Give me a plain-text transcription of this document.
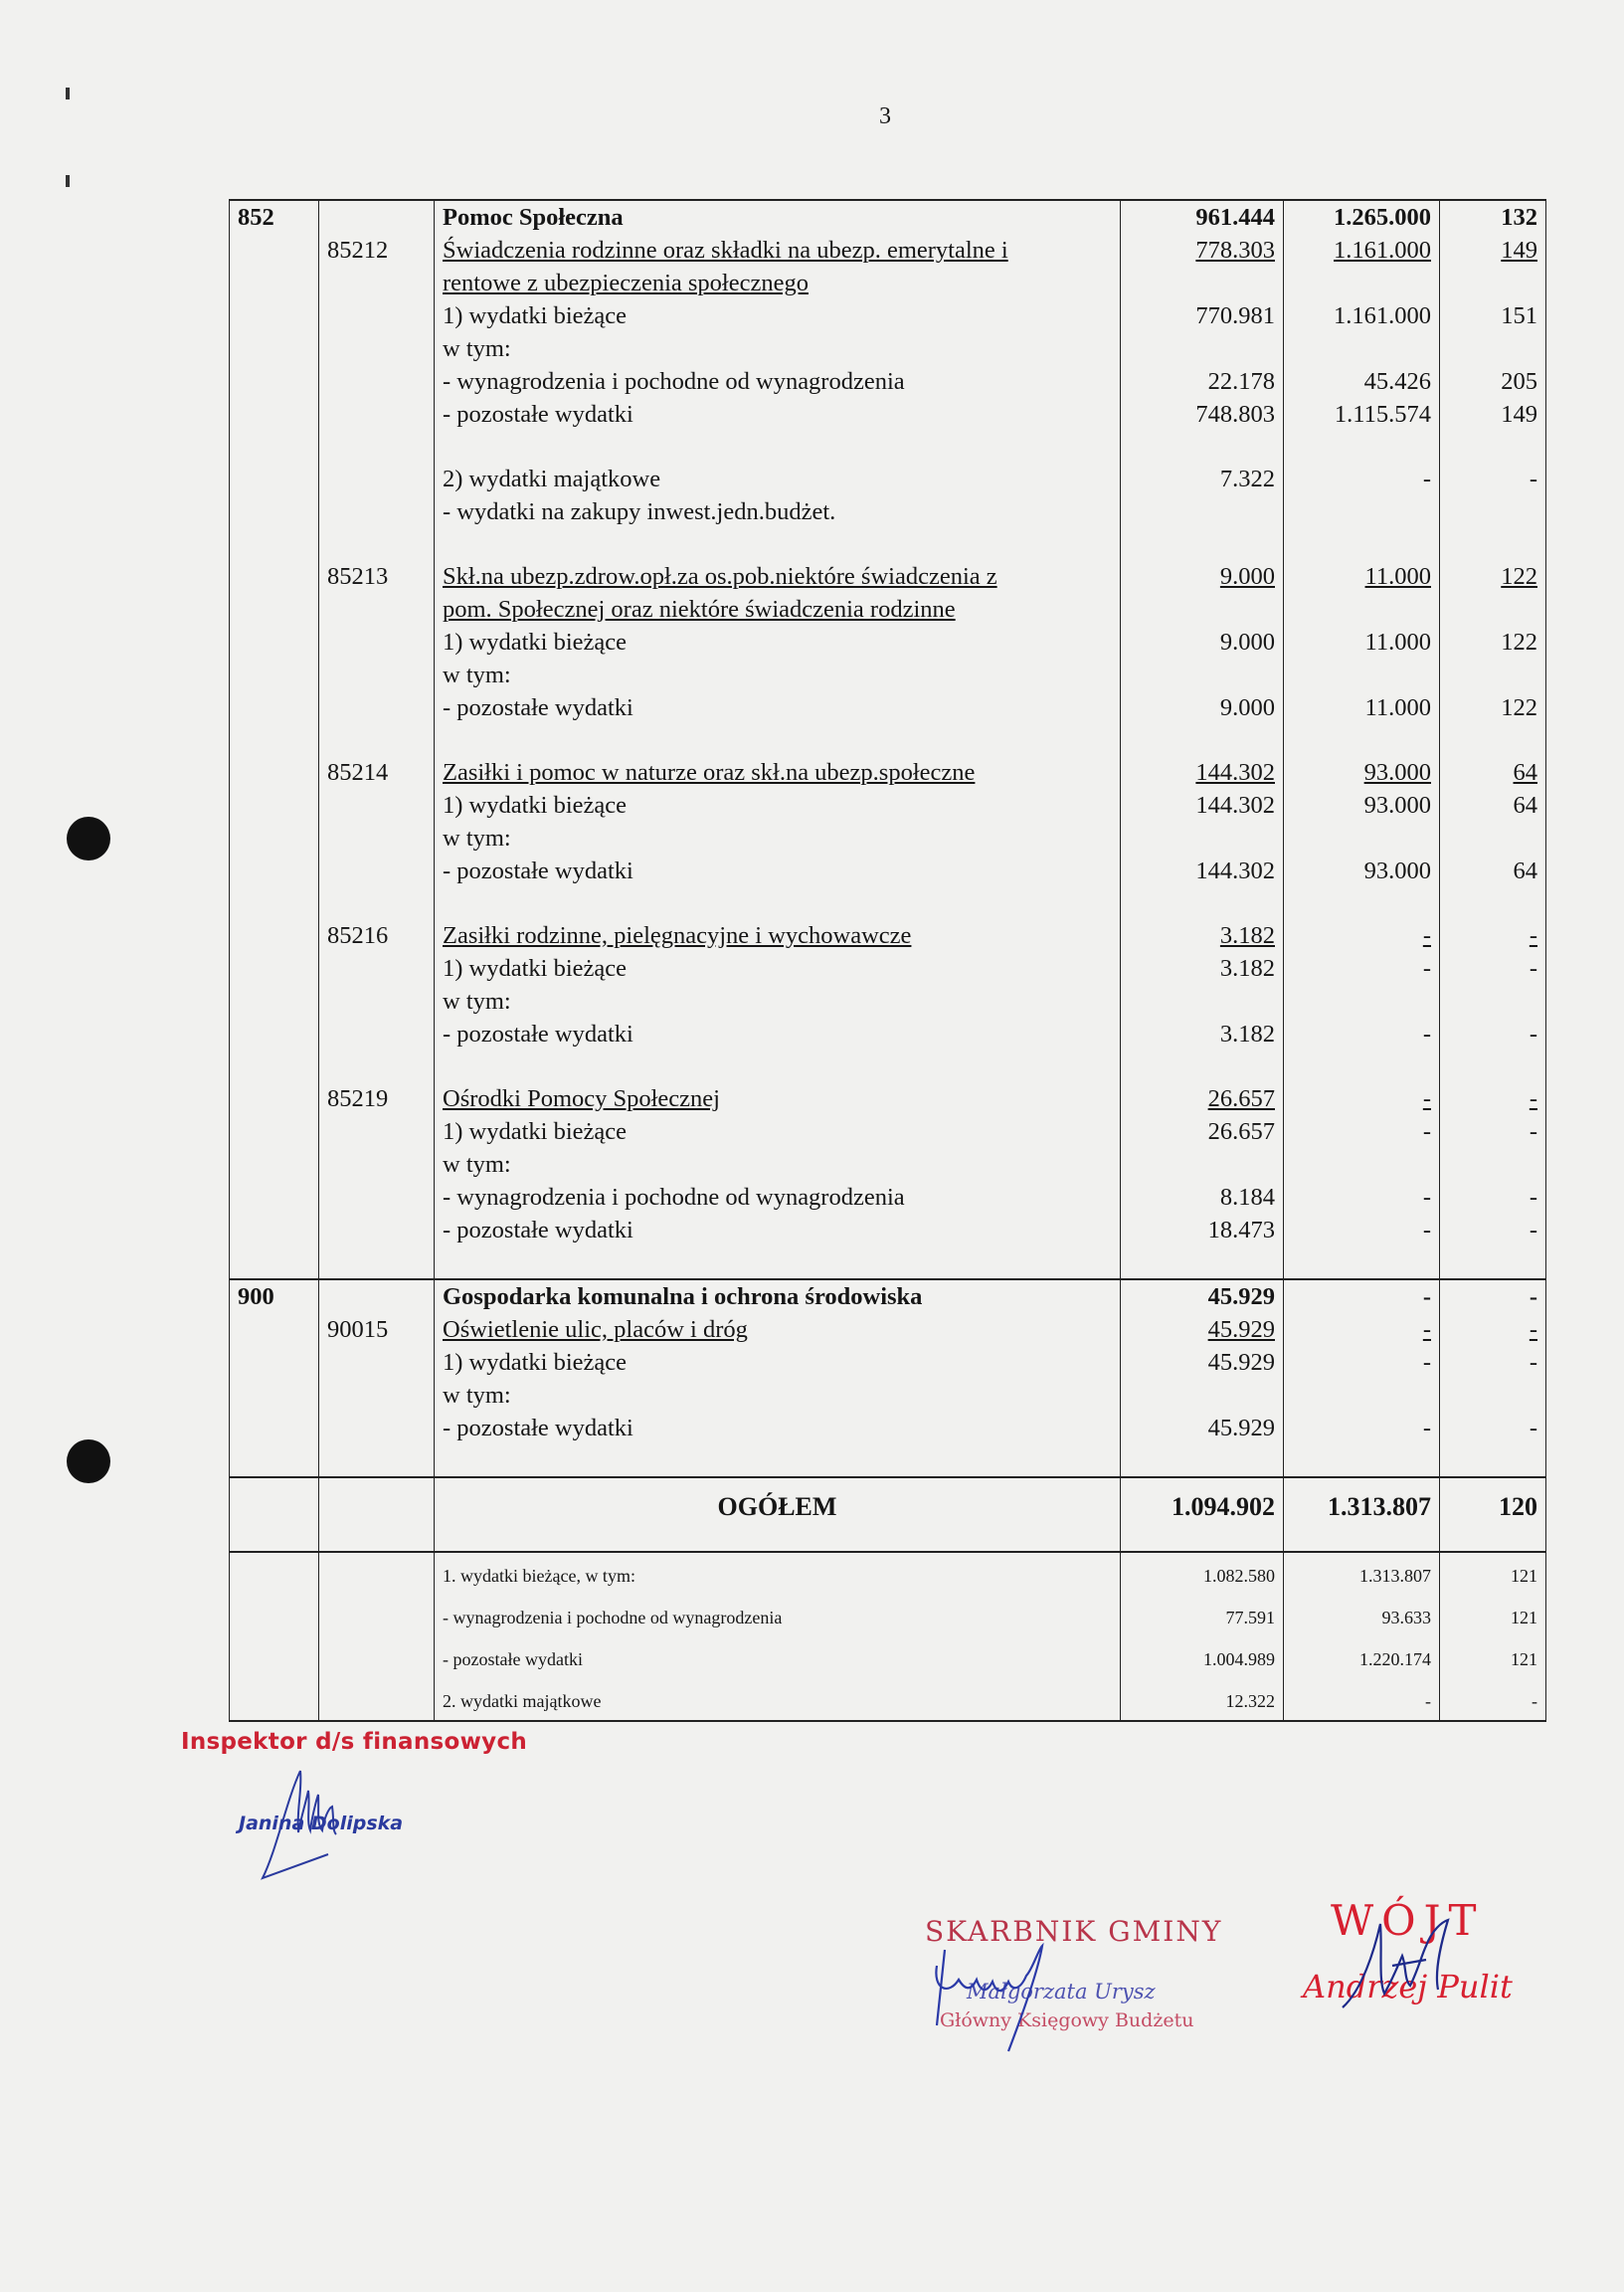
3
852		Pomoc Społeczna	961.444	1.265.000	132
	85212	Świadczenia rodzinne oraz składki na ubezp. emerytalne i	778.303	1.161.000	149
		rentowe z ubezpieczenia społecznego			
		1) wydatki bieżące	770.981	1.161.000	151
		w tym:			
		- wynagrodzenia i pochodne od wynagrodzenia	22.178	45.426	205
		- pozostałe wydatki	748.803	1.115.574	149

		2) wydatki majątkowe	7.322	-	-
		- wydatki na zakupy inwest.jedn.budżet.			

	85213	Skł.na ubezp.zdrow.opł.za os.pob.niektóre świadczenia z	9.000	11.000	122
		pom. Społecznej oraz niektóre świadczenia rodzinne			
		1) wydatki bieżące	9.000	11.000	122
		w tym:			
		- pozostałe wydatki	9.000	11.000	122

	85214	Zasiłki i pomoc w naturze oraz skł.na ubezp.społeczne	144.302	93.000	64
		1) wydatki bieżące	144.302	93.000	64
		w tym:			
		- pozostałe wydatki	144.302	93.000	64

	85216	Zasiłki rodzinne, pielęgnacyjne i wychowawcze	3.182	-	-
		1) wydatki bieżące	3.182	-	-
		w tym:			
		- pozostałe wydatki	3.182	-	-

	85219	Ośrodki Pomocy Społecznej	26.657	-	-
		1) wydatki bieżące	26.657	-	-
		w tym:			
		- wynagrodzenia i pochodne od wynagrodzenia	8.184	-	-
		- pozostałe wydatki	18.473	-	-

900		Gospodarka komunalna i ochrona środowiska	45.929	-	-
	90015	Oświetlenie ulic, placów i dróg	45.929	-	-
		1) wydatki bieżące	45.929	-	-
		w tym:			
		- pozostałe wydatki	45.929	-	-

		OGÓŁEM	1.094.902	1.313.807	120
		1. wydatki bieżące, w tym:	1.082.580	1.313.807	121
		- wynagrodzenia i pochodne od wynagrodzenia	77.591	93.633	121
		- pozostałe wydatki	1.004.989	1.220.174	121
		2. wydatki majątkowe	12.322	-	-
Inspektor d/s finansowych
Janina Dolipska
SKARBNIK GMINY
Małgorzata Urysz
Główny Księgowy Budżetu
WÓJT
Andrzej Pulit
